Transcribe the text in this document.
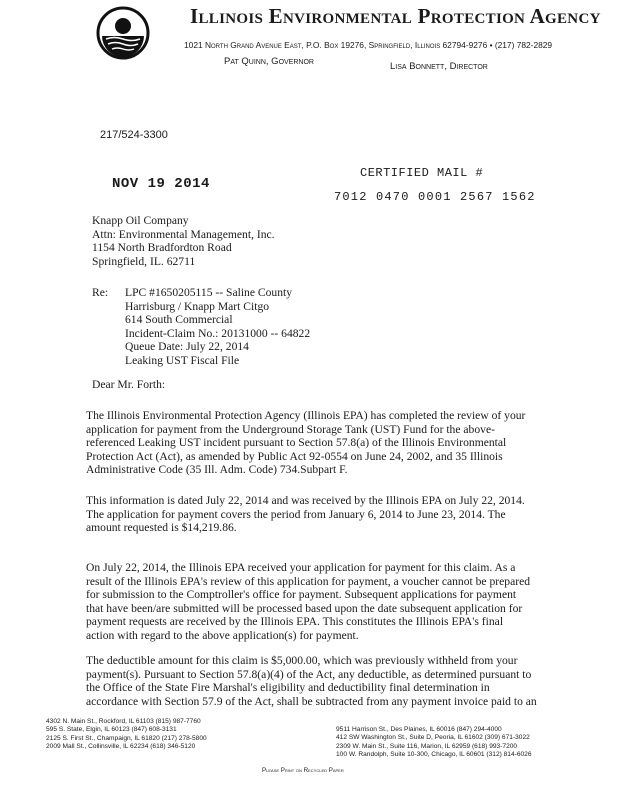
Illinois Environmental Protection Agency
1021 North Grand Avenue East, P.O. Box 19276, Springfield, Illinois 62794-9276 • (217) 782-2829
Pat Quinn, Governor	Lisa Bonnett, Director
217/524-3300
NOV 19 2014
CERTIFIED MAIL #
7012 0470 0001 2567 1562
Knapp Oil Company
Attn: Environmental Management, Inc.
1154 North Bradfordton Road
Springfield, IL. 62711
Re: LPC #1650205115 -- Saline County
Harrisburg / Knapp Mart Citgo
614 South Commercial
Incident-Claim No.: 20131000 -- 64822
Queue Date: July 22, 2014
Leaking UST Fiscal File
Dear Mr. Forth:

The Illinois Environmental Protection Agency (Illinois EPA) has completed the review of your

application for payment from the Underground Storage Tank (UST) Fund for the above-

referenced Leaking UST incident pursuant to Section 57.8(a) of the Illinois Environmental

Protection Act (Act), as amended by Public Act 92-0554 on June 24, 2002, and 35 Illinois

Administrative Code (35 Ill. Adm. Code) 734.Subpart F.

This information is dated July 22, 2014 and was received by the Illinois EPA on July 22, 2014.

The application for payment covers the period from January 6, 2014 to June 23, 2014. The

amount requested is $14,219.86.

On July 22, 2014, the Illinois EPA received your application for payment for this claim. As a

result of the Illinois EPA's review of this application for payment, a voucher cannot be prepared

for submission to the Comptroller's office for payment. Subsequent applications for payment

that have been/are submitted will be processed based upon the date subsequent application for

payment requests are received by the Illinois EPA. This constitutes the Illinois EPA's final

action with regard to the above application(s) for payment.

The deductible amount for this claim is $5,000.00, which was previously withheld from your

payment(s). Pursuant to Section 57.8(a)(4) of the Act, any deductible, as determined pursuant to

the Office of the State Fire Marshal's eligibility and deductibility final determination in

accordance with Section 57.9 of the Act, shall be subtracted from any payment invoice paid to an

4302 N. Main St., Rockford, IL 61103 (815) 987-7760
595 S. State, Elgin, IL 60123 (847) 608-3131
2125 S. First St., Champaign, IL 61820 (217) 278-5800
2009 Mall St., Collinsville, IL 62234 (618) 346-5120
9511 Harrison St., Des Plaines, IL 60016 (847) 294-4000
412 SW Washington St., Suite D, Peoria, IL 61602 (309) 671-3022
2309 W. Main St., Suite 116, Marion, IL 62959 (618) 993-7200
100 W. Randolph, Suite 10-300, Chicago, IL 60601 (312) 814-6026
Please Print on Recycled Paper
